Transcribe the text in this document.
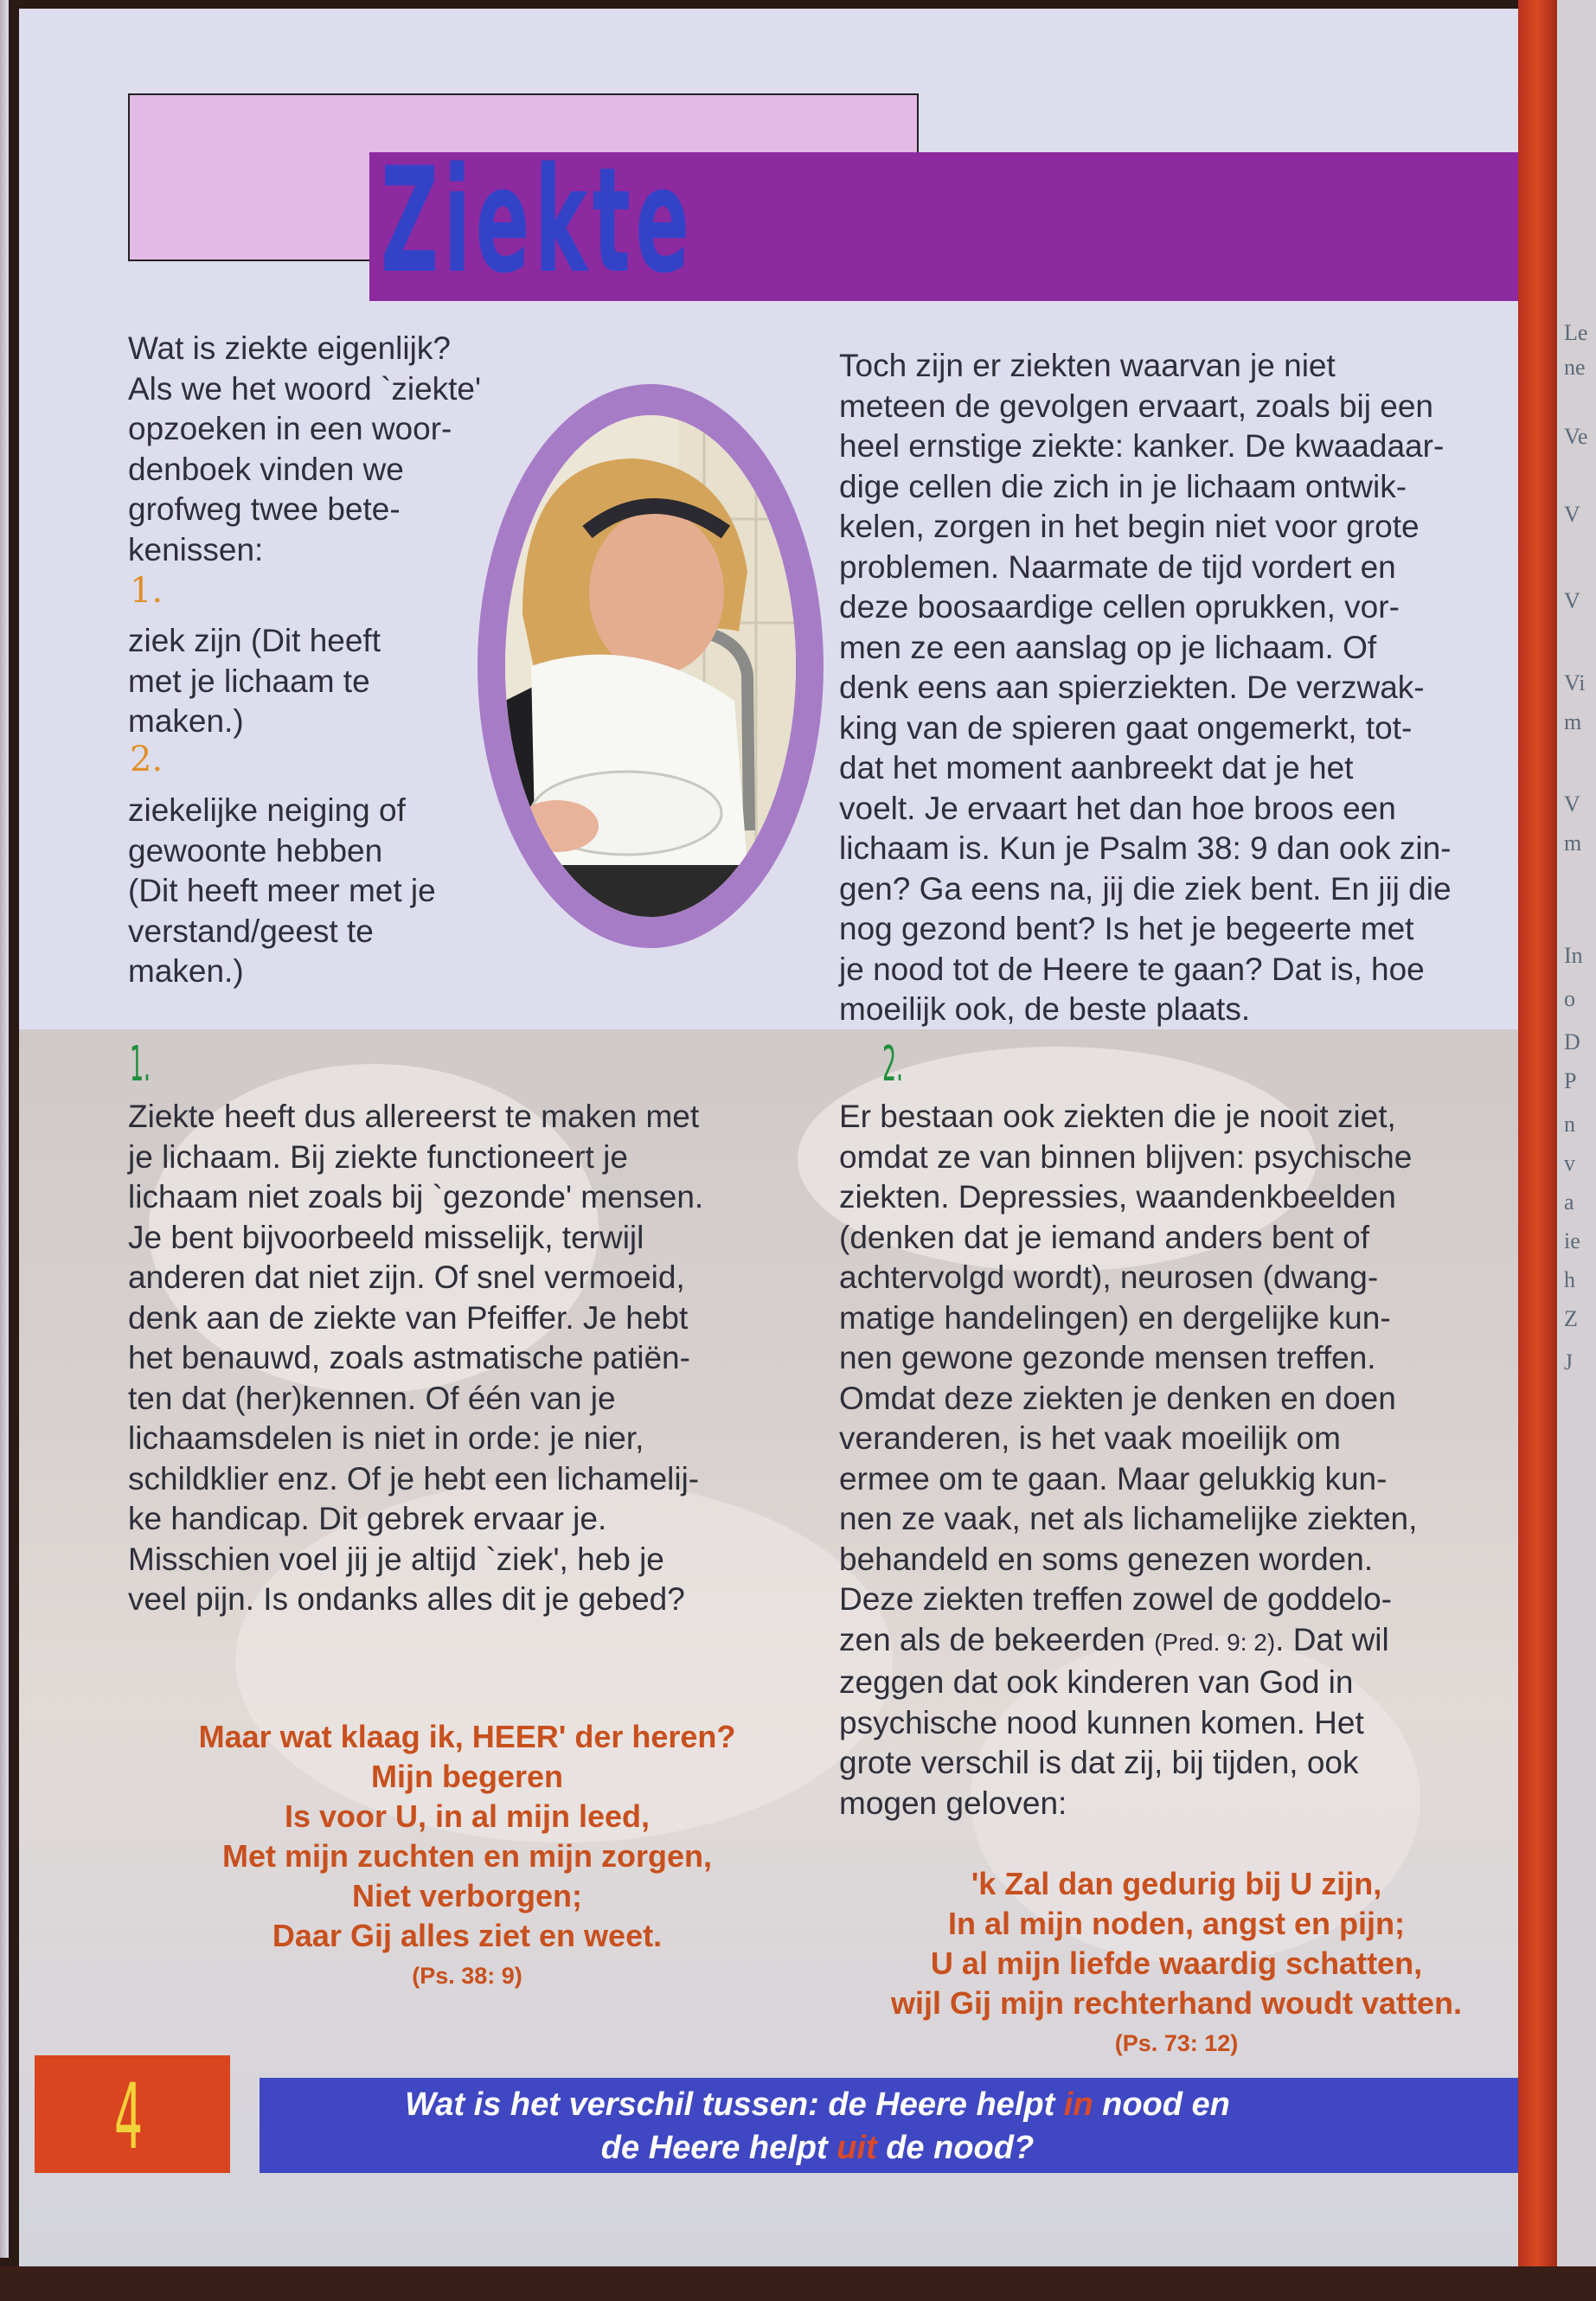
Le
ne
Ve
V
V
Vi
m
V
m
In
o
D
P
n
v
a
ie
h
Z
J
Ziekte

Wat is ziekte eigenlijk?

Als we het woord `ziekte'

opzoeken in een woor-

denboek vinden we

grofweg twee bete-

kenissen:

1.

ziek zijn (Dit heeft

met je lichaam te

maken.)

2.

ziekelijke neiging of

gewoonte hebben

(Dit heeft meer met je

verstand/geest te

maken.)

Toch zijn er ziekten waarvan je niet

meteen de gevolgen ervaart, zoals bij een

heel ernstige ziekte: kanker. De kwaadaar-

dige cellen die zich in je lichaam ontwik-

kelen, zorgen in het begin niet voor grote

problemen. Naarmate de tijd vordert en

deze boosaardige cellen oprukken, vor-

men ze een aanslag op je lichaam. Of

denk eens aan spierziekten. De verzwak-

king van de spieren gaat ongemerkt, tot-

dat het moment aanbreekt dat je het

voelt. Je ervaart het dan hoe broos een

lichaam is. Kun je Psalm 38: 9 dan ook zin-

gen? Ga eens na, jij die ziek bent. En jij die

nog gezond bent? Is het je begeerte met

je nood tot de Heere te gaan? Dat is, hoe

moeilijk ook, de beste plaats.

1.

Ziekte heeft dus allereerst te maken met

je lichaam. Bij ziekte functioneert je

lichaam niet zoals bij `gezonde' mensen.

Je bent bijvoorbeeld misselijk, terwijl

anderen dat niet zijn. Of snel vermoeid,

denk aan de ziekte van Pfeiffer. Je hebt

het benauwd, zoals astmatische patiën-

ten dat (her)kennen. Of één van je

lichaamsdelen is niet in orde: je nier,

schildklier enz. Of je hebt een lichamelij-

ke handicap. Dit gebrek ervaar je.

Misschien voel jij je altijd `ziek', heb je

veel pijn. Is ondanks alles dit je gebed?

Maar wat klaag ik, HEER' der heren?

Mijn begeren

Is voor U, in al mijn leed,

Met mijn zuchten en mijn zorgen,

Niet verborgen;

Daar Gij alles ziet en weet.

(Ps. 38: 9)

2.

Er bestaan ook ziekten die je nooit ziet,

omdat ze van binnen blijven: psychische

ziekten. Depressies, waandenkbeelden

(denken dat je iemand anders bent of

achtervolgd wordt), neurosen (dwang-

matige handelingen) en dergelijke kun-

nen gewone gezonde mensen treffen.

Omdat deze ziekten je denken en doen

veranderen, is het vaak moeilijk om

ermee om te gaan. Maar gelukkig kun-

nen ze vaak, net als lichamelijke ziekten,

behandeld en soms genezen worden.

Deze ziekten treffen zowel de goddelo-

zen als de bekeerden (Pred. 9: 2). Dat wil

zeggen dat ook kinderen van God in

psychische nood kunnen komen. Het

grote verschil is dat zij, bij tijden, ook

mogen geloven:

'k Zal dan gedurig bij U zijn,

In al mijn noden, angst en pijn;

U al mijn liefde waardig schatten,

wijl Gij mijn rechterhand woudt vatten.

(Ps. 73: 12)

4	Wat is het verschil tussen: de Heere helpt in nood en

de Heere helpt uit de nood?
